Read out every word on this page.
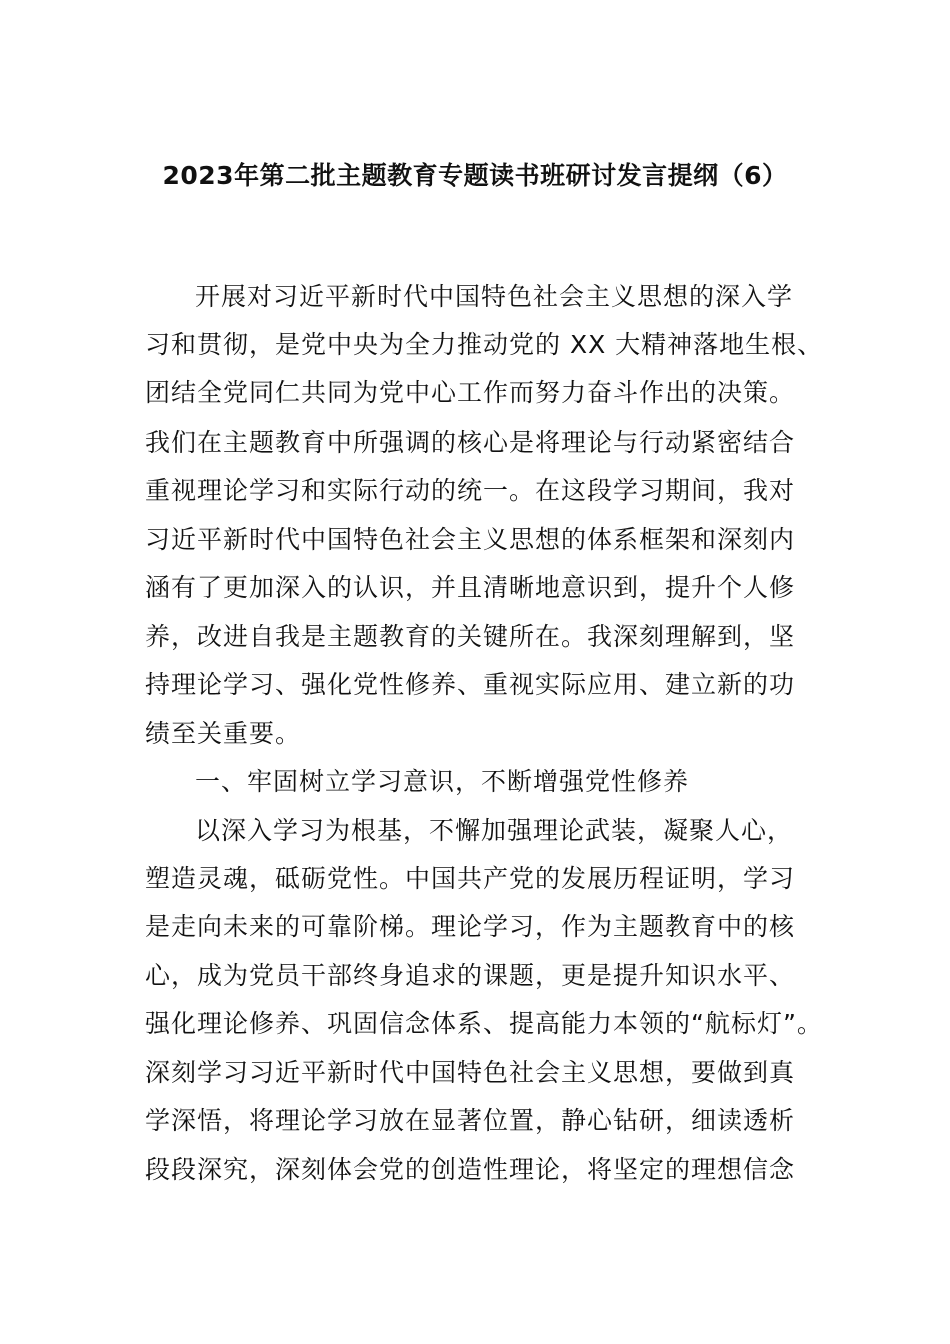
2023年第二批主题教育专题读书班研讨发言提纲（6）
开展对习近平新时代中国特色社会主义思想的深入学
习和贯彻，是党中央为全力推动党的 XX 大精神落地生根、
团结全党同仁共同为党中心工作而努力奋斗作出的决策。
我们在主题教育中所强调的核心是将理论与行动紧密结合
重视理论学习和实际行动的统一。在这段学习期间，我对
习近平新时代中国特色社会主义思想的体系框架和深刻内
涵有了更加深入的认识，并且清晰地意识到，提升个人修
养，改进自我是主题教育的关键所在。我深刻理解到，坚
持理论学习、强化党性修养、重视实际应用、建立新的功
绩至关重要。
一、牢固树立学习意识，不断增强党性修养
以深入学习为根基，不懈加强理论武装，凝聚人心，
塑造灵魂，砥砺党性。中国共产党的发展历程证明，学习
是走向未来的可靠阶梯。理论学习，作为主题教育中的核
心，成为党员干部终身追求的课题，更是提升知识水平、
强化理论修养、巩固信念体系、提高能力本领的“航标灯”。
深刻学习习近平新时代中国特色社会主义思想，要做到真
学深悟，将理论学习放在显著位置，静心钻研，细读透析
段段深究，深刻体会党的创造性理论，将坚定的理想信念
